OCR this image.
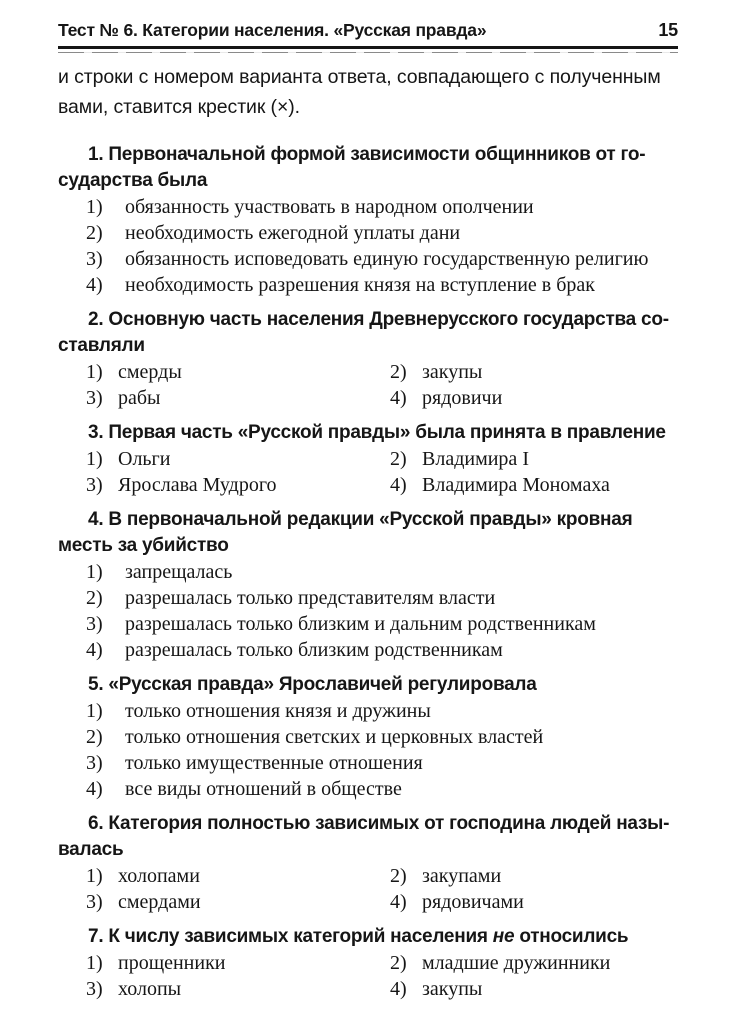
Тест № 6. Категории населения. «Русская правда»	15

и строки с номером варианта ответа, совпадающего с полученным
вами, ставится крестик (×).

1. Первоначальной формой зависимости общинников от го-
сударства была
1) обязанность участвовать в народном ополчении
2) необходимость ежегодной уплаты дани
3) обязанность исповедовать единую государственную религию
4) необходимость разрешения князя на вступление в брак
2. Основную часть населения Древнерусского государства со-
ставляли
1) смерды	2) закупы
3) рабы	4) рядовичи
3. Первая часть «Русской правды» была принята в правление
1) Ольги	2) Владимира I
3) Ярослава Мудрого	4) Владимира Мономаха
4. В первоначальной редакции «Русской правды» кровная
месть за убийство
1) запрещалась
2) разрешалась только представителям власти
3) разрешалась только близким и дальним родственникам
4) разрешалась только близким родственникам
5. «Русская правда» Ярославичей регулировала
1) только отношения князя и дружины
2) только отношения светских и церковных властей
3) только имущественные отношения
4) все виды отношений в обществе
6. Категория полностью зависимых от господина людей назы-
валась
1) холопами	2) закупами
3) смердами	4) рядовичами
7. К числу зависимых категорий населения не относились
1) прощенники	2) младшие дружинники
3) холопы	4) закупы
